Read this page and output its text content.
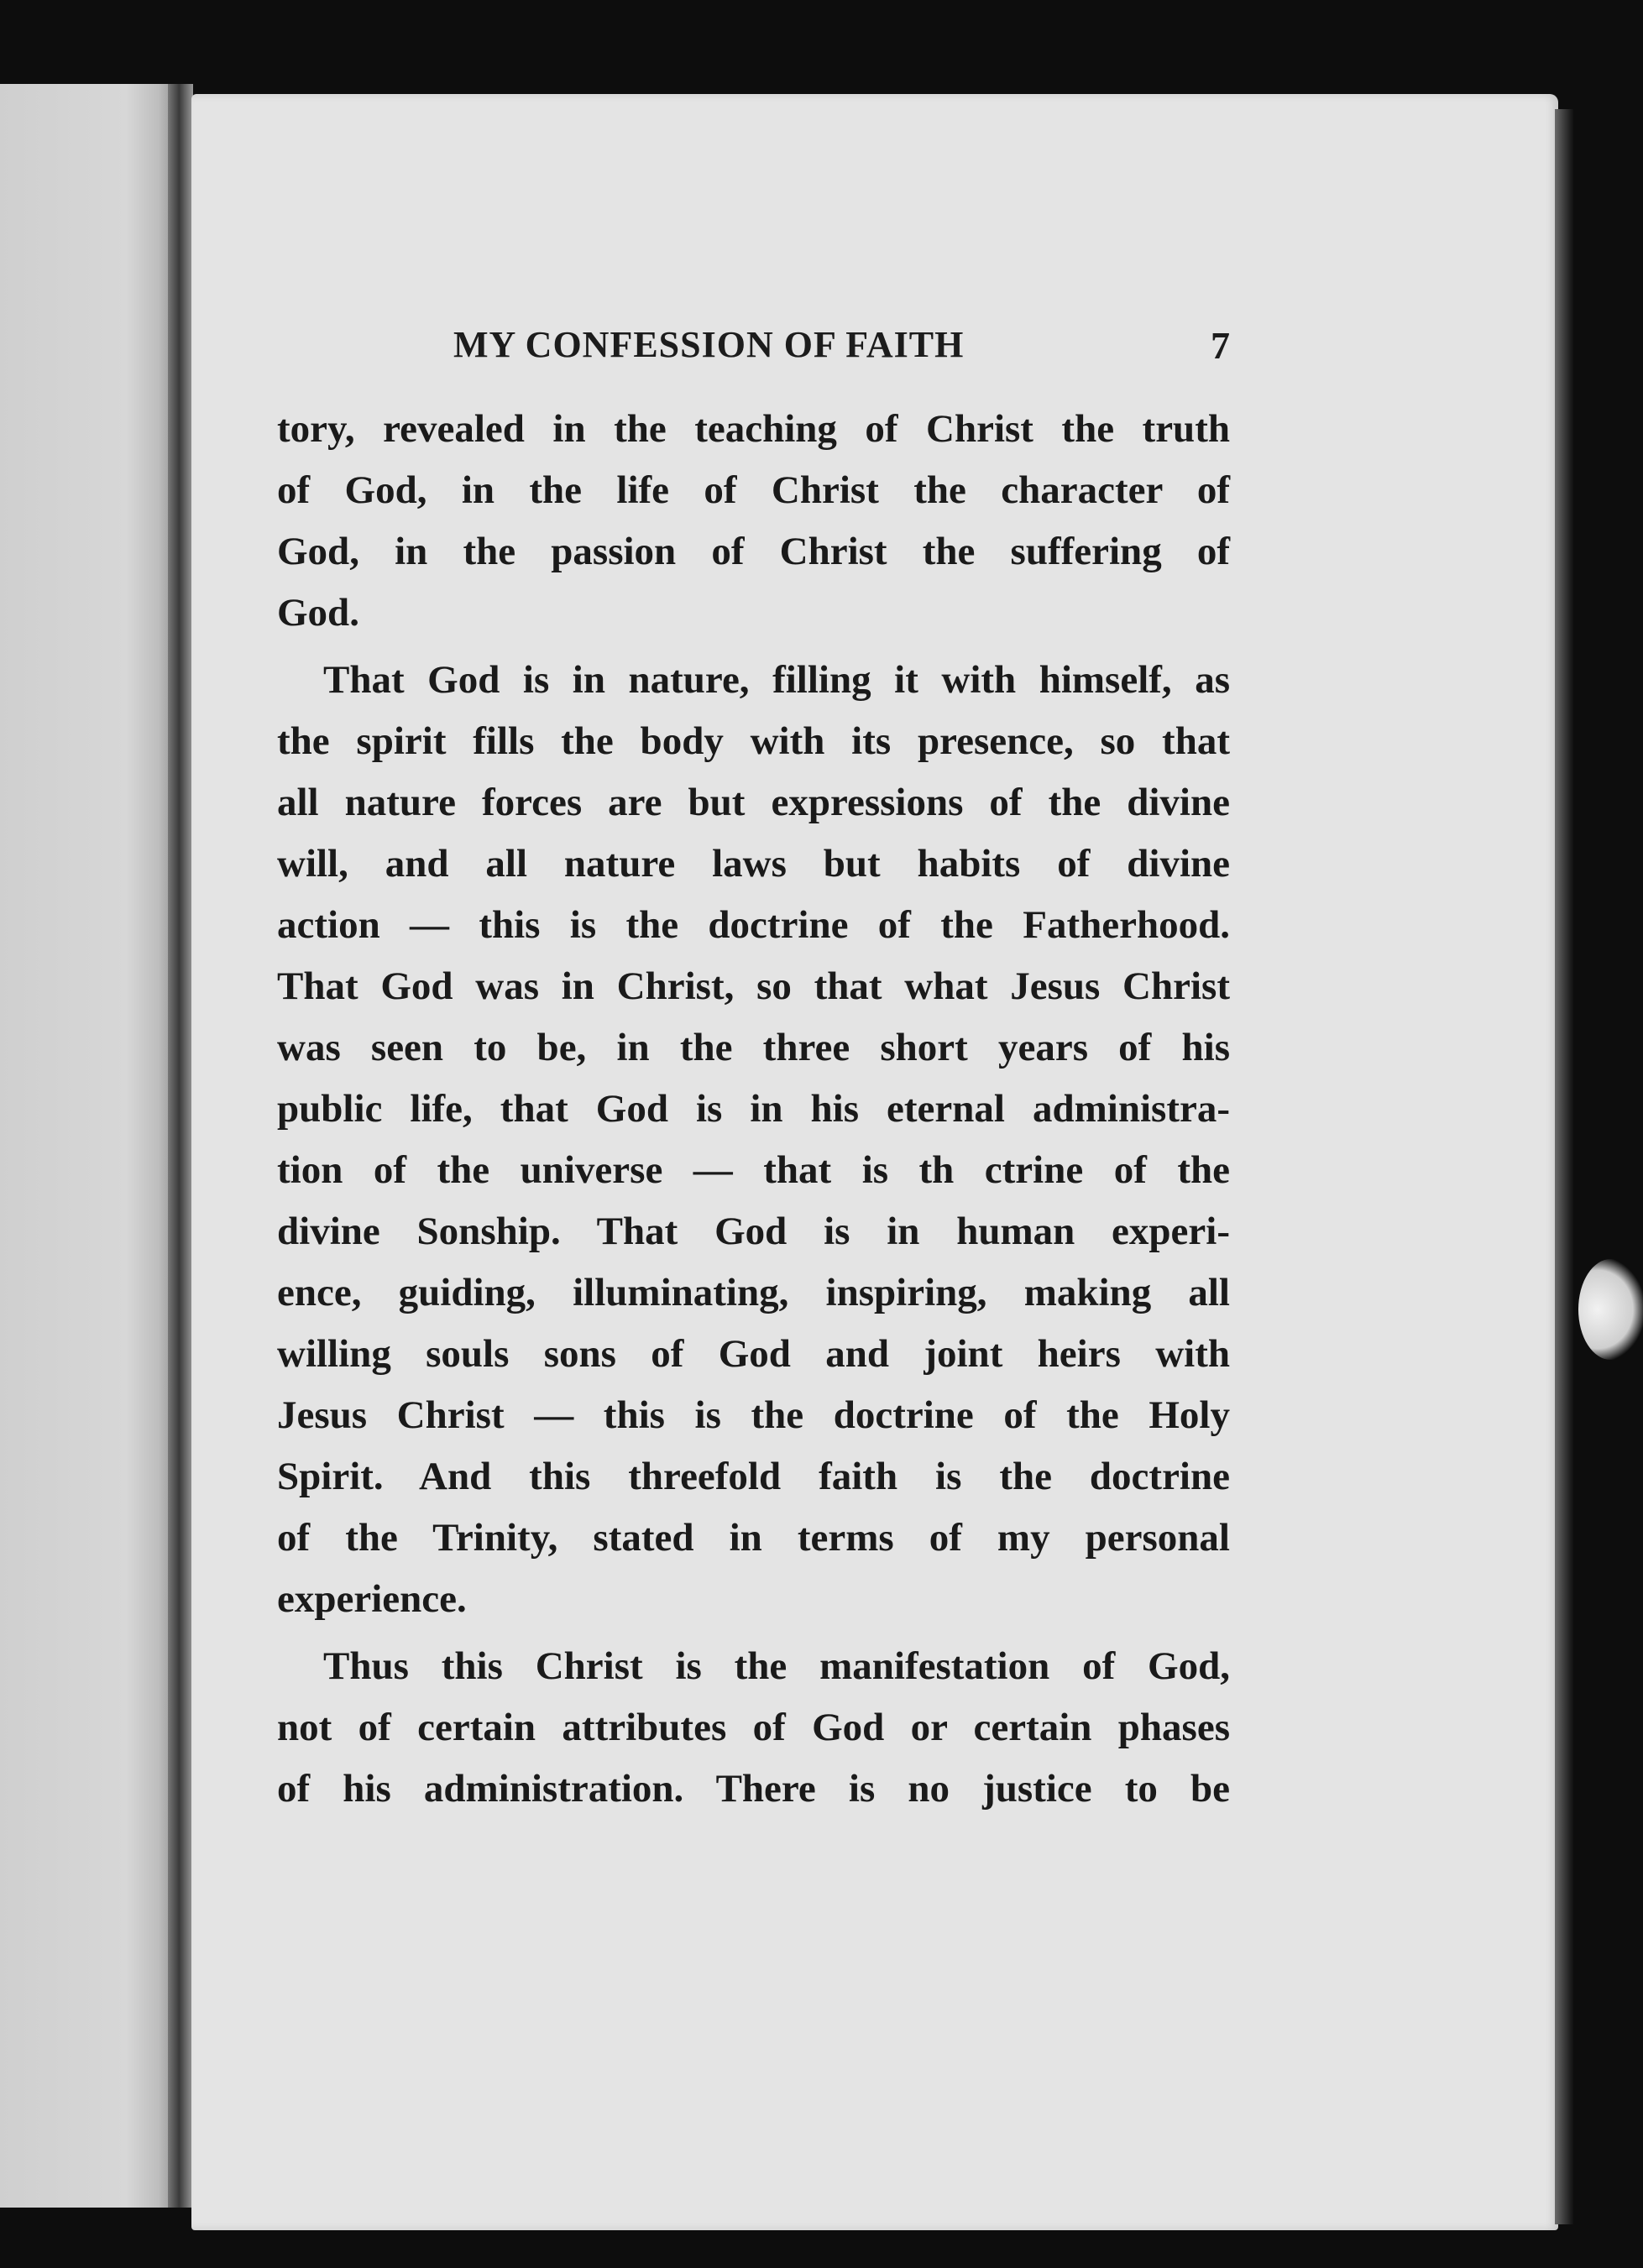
MY CONFESSION OF FAITH	7
tory, revealed in the teaching of Christ the truth
of God, in the life of Christ the character of
God, in the passion of Christ the suffering of
God.
That God is in nature, filling it with himself, as
the spirit fills the body with its presence, so that
all nature forces are but expressions of the divine
will, and all nature laws but habits of divine
action — this is the doctrine of the Fatherhood.
That God was in Christ, so that what Jesus Christ
was seen to be, in the three short years of his
public life, that God is in his eternal administra-
tion of the universe — that is th ctrine of the
divine Sonship. That God is in human experi-
ence, guiding, illuminating, inspiring, making all
willing souls sons of God and joint heirs with
Jesus Christ — this is the doctrine of the Holy
Spirit. And this threefold faith is the doctrine
of the Trinity, stated in terms of my personal
experience.
Thus this Christ is the manifestation of God,
not of certain attributes of God or certain phases
of his administration. There is no justice to be
